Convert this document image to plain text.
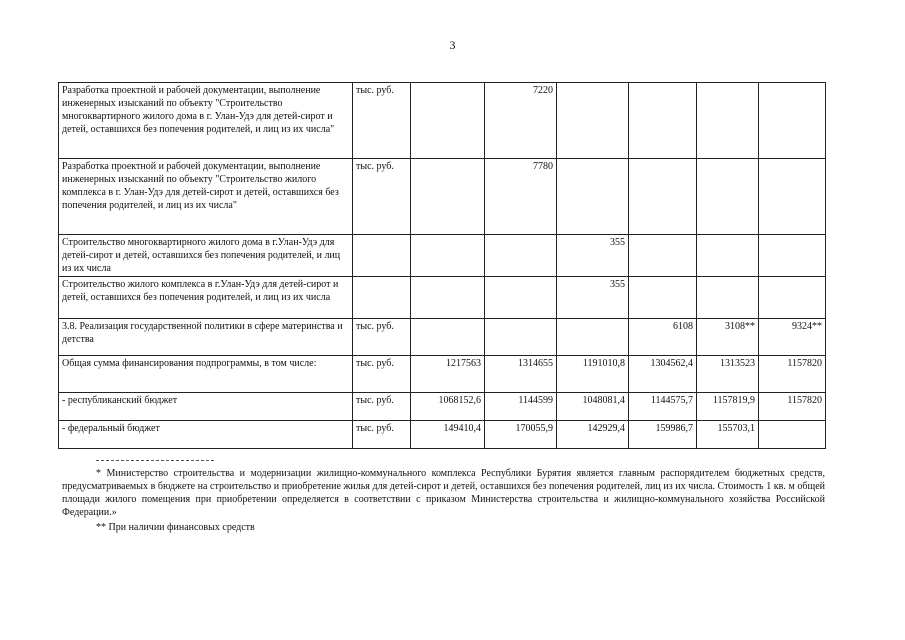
3
Разработка проектной и рабочей документации, выполнение инженерных изысканий по объекту "Строительство многоквартирного жилого дома в г. Улан-Удэ для детей-сирот и детей, оставшихся без попечения родителей, и лиц из их числа"	тыс. руб.		7220				
Разработка проектной и рабочей документации, выполнение инженерных изысканий по объекту "Строительство жилого комплекса в г. Улан-Удэ для детей-сирот и детей, оставшихся без попечения родителей, и лиц из их числа"	тыс. руб.		7780				
Строительство многоквартирного жилого дома в г.Улан-Удэ для детей-сирот и детей, оставшихся без попечения родителей, и лиц из их числа				355			
Строительство жилого комплекса в г.Улан-Удэ для детей-сирот и детей, оставшихся без попечения родителей, и лиц из их числа				355			
3.8. Реализация государственной политики в сфере материнства и детства	тыс. руб.				6108	3108**	9324**
Общая сумма финансирования подпрограммы, в том числе:	тыс. руб.	1217563	1314655	1191010,8	1304562,4	1313523	1157820
- республиканский бюджет	тыс. руб.	1068152,6	1144599	1048081,4	1144575,7	1157819,9	1157820
- федеральный бюджет	тыс. руб.	149410,4	170055,9	142929,4	159986,7	155703,1	

* Министерство строительства и модернизации жилищно-коммунального комплекса Республики Бурятия является главным распорядителем бюджетных средств, предусматриваемых в бюджете на строительство и приобретение жилья для детей-сирот и детей, оставшихся без попечения родителей, лиц из их числа. Стоимость 1 кв. м общей площади жилого помещения при приобретении определяется в соответствии с приказом Министерства строительства и жилищно-коммунального хозяйства Российской Федерации.»

** При наличии финансовых средств
